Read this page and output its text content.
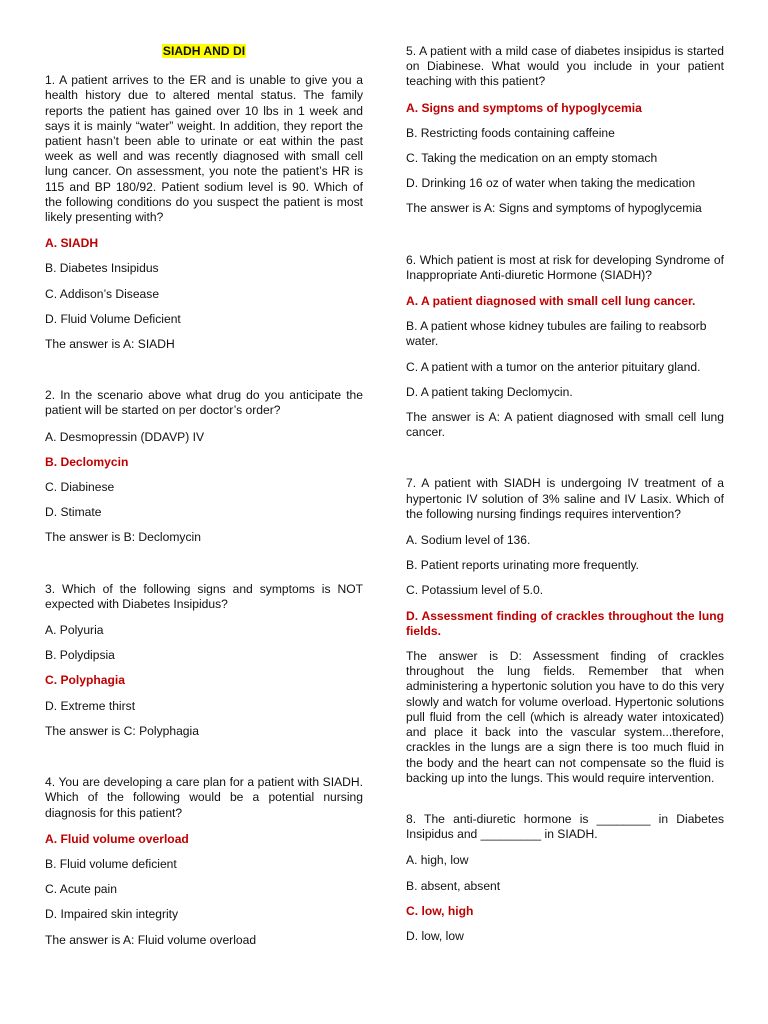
SIADH AND DI
1. A patient arrives to the ER and is unable to give you a health history due to altered mental status. The family reports the patient has gained over 10 lbs in 1 week and says it is mainly “water” weight. In addition, they report the patient hasn’t been able to urinate or eat within the past week as well and was recently diagnosed with small cell lung cancer. On assessment, you note the patient’s HR is 115 and BP 180/92. Patient sodium level is 90. Which of the following conditions do you suspect the patient is most likely presenting with?
A. SIADH
B. Diabetes Insipidus
C. Addison’s Disease
D. Fluid Volume Deficient
The answer is A: SIADH
2. In the scenario above what drug do you anticipate the patient will be started on per doctor’s order?
A. Desmopressin (DDAVP) IV
B. Declomycin
C. Diabinese
D. Stimate
The answer is B: Declomycin
3. Which of the following signs and symptoms is NOT expected with Diabetes Insipidus?
A. Polyuria
B. Polydipsia
C. Polyphagia
D. Extreme thirst
The answer is C: Polyphagia
4. You are developing a care plan for a patient with SIADH. Which of the following would be a potential nursing diagnosis for this patient?
A. Fluid volume overload
B. Fluid volume deficient
C. Acute pain
D. Impaired skin integrity
The answer is A: Fluid volume overload
5. A patient with a mild case of diabetes insipidus is started on Diabinese. What would you include in your patient teaching with this patient?
A. Signs and symptoms of hypoglycemia
B. Restricting foods containing caffeine
C. Taking the medication on an empty stomach
D. Drinking 16 oz of water when taking the medication
The answer is A: Signs and symptoms of hypoglycemia
6. Which patient is most at risk for developing Syndrome of Inappropriate Anti-diuretic Hormone (SIADH)?
A. A patient diagnosed with small cell lung cancer.
B. A patient whose kidney tubules are failing to reabsorb water.
C. A patient with a tumor on the anterior pituitary gland.
D. A patient taking Declomycin.
The answer is A: A patient diagnosed with small cell lung cancer.
7. A patient with SIADH is undergoing IV treatment of a hypertonic IV solution of 3% saline and IV Lasix. Which of the following nursing findings requires intervention?
A. Sodium level of 136.
B. Patient reports urinating more frequently.
C. Potassium level of 5.0.
D. Assessment finding of crackles throughout the lung fields.
The answer is D: Assessment finding of crackles throughout the lung fields. Remember that when administering a hypertonic solution you have to do this very slowly and watch for volume overload. Hypertonic solutions pull fluid from the cell (which is already water intoxicated) and place it back into the vascular system...therefore, crackles in the lungs are a sign there is too much fluid in the body and the heart can not compensate so the fluid is backing up into the lungs. This would require intervention.
8. The anti-diuretic hormone is ________ in Diabetes Insipidus and _________ in SIADH.
A. high, low
B. absent, absent
C. low, high
D. low, low
